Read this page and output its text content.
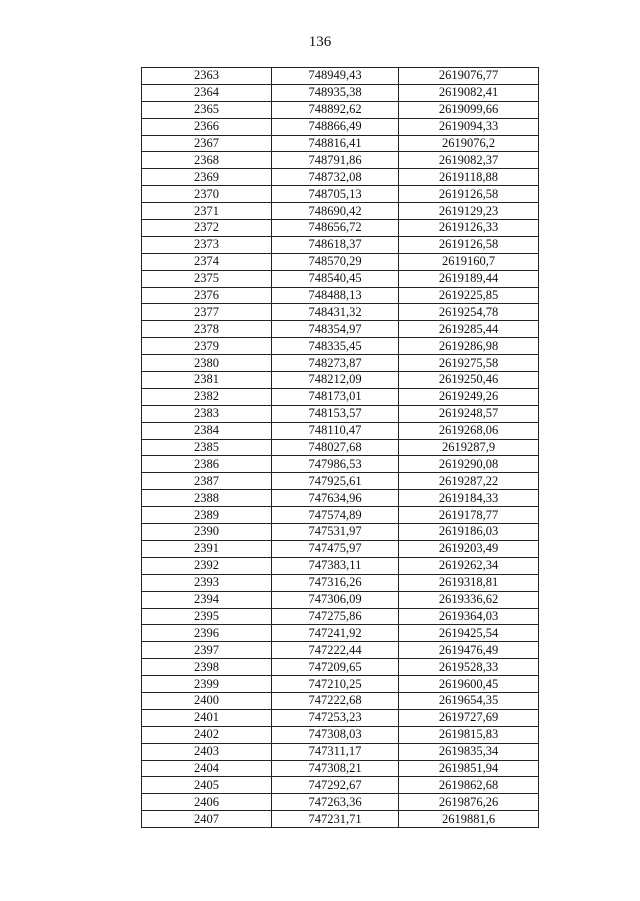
136
2363	748949,43	2619076,77
2364	748935,38	2619082,41
2365	748892,62	2619099,66
2366	748866,49	2619094,33
2367	748816,41	2619076,2
2368	748791,86	2619082,37
2369	748732,08	2619118,88
2370	748705,13	2619126,58
2371	748690,42	2619129,23
2372	748656,72	2619126,33
2373	748618,37	2619126,58
2374	748570,29	2619160,7
2375	748540,45	2619189,44
2376	748488,13	2619225,85
2377	748431,32	2619254,78
2378	748354,97	2619285,44
2379	748335,45	2619286,98
2380	748273,87	2619275,58
2381	748212,09	2619250,46
2382	748173,01	2619249,26
2383	748153,57	2619248,57
2384	748110,47	2619268,06
2385	748027,68	2619287,9
2386	747986,53	2619290,08
2387	747925,61	2619287,22
2388	747634,96	2619184,33
2389	747574,89	2619178,77
2390	747531,97	2619186,03
2391	747475,97	2619203,49
2392	747383,11	2619262,34
2393	747316,26	2619318,81
2394	747306,09	2619336,62
2395	747275,86	2619364,03
2396	747241,92	2619425,54
2397	747222,44	2619476,49
2398	747209,65	2619528,33
2399	747210,25	2619600,45
2400	747222,68	2619654,35
2401	747253,23	2619727,69
2402	747308,03	2619815,83
2403	747311,17	2619835,34
2404	747308,21	2619851,94
2405	747292,67	2619862,68
2406	747263,36	2619876,26
2407	747231,71	2619881,6
